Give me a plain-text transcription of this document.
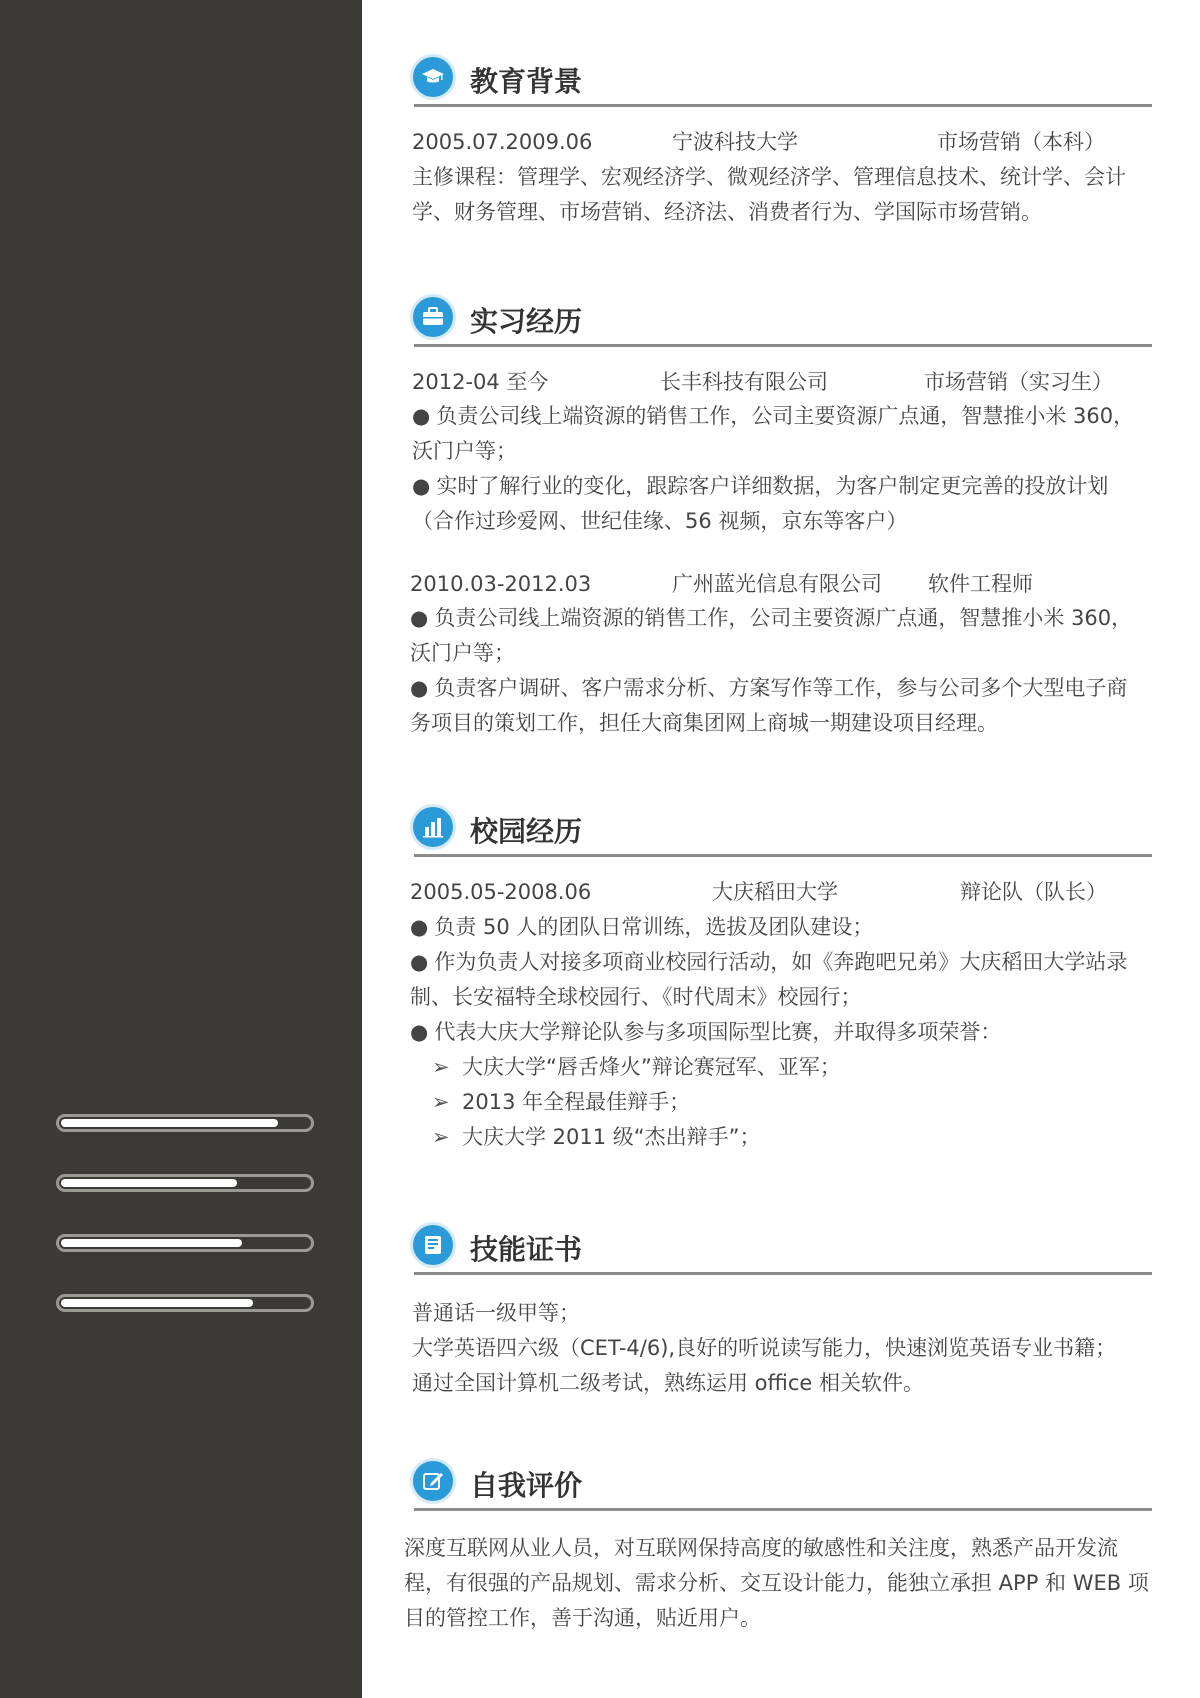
教育背景
2005.07.2009.06	宁波科技大学	市场营销（本科）
主修课程：管理学、宏观经济学、微观经济学、管理信息技术、统计学、会计
学、财务管理、市场营销、经济法、消费者行为、学国际市场营销。
实习经历
2012-04 至今	长丰科技有限公司	市场营销（实习生）
● 负责公司线上端资源的销售工作，公司主要资源广点通，智慧推小米 360，
沃门户等；
● 实时了解行业的变化，跟踪客户详细数据，为客户制定更完善的投放计划
（合作过珍爱网、世纪佳缘、56 视频，京东等客户）
2010.03-2012.03	广州蓝光信息有限公司 软件工程师
● 负责公司线上端资源的销售工作，公司主要资源广点通，智慧推小米 360，
沃门户等；
● 负责客户调研、客户需求分析、方案写作等工作，参与公司多个大型电子商
务项目的策划工作，担任大商集团网上商城一期建设项目经理。
校园经历
2005.05-2008.06	大庆稻田大学	辩论队（队长）
● 负责 50 人的团队日常训练，选拔及团队建设；
● 作为负责人对接多项商业校园行活动，如《奔跑吧兄弟》大庆稻田大学站录
制、长安福特全球校园行、《时代周末》校园行；
● 代表大庆大学辩论队参与多项国际型比赛，并取得多项荣誉：
➢ 大庆大学“唇舌烽火”辩论赛冠军、亚军；
➢ 2013 年全程最佳辩手；
➢ 大庆大学 2011 级“杰出辩手”；
技能证书
普通话一级甲等；
大学英语四六级（CET-4/6),良好的听说读写能力，快速浏览英语专业书籍；
通过全国计算机二级考试，熟练运用 office 相关软件。
自我评价
深度互联网从业人员，对互联网保持高度的敏感性和关注度，熟悉产品开发流
程，有很强的产品规划、需求分析、交互设计能力，能独立承担 APP 和 WEB 项
目的管控工作，善于沟通，贴近用户。
